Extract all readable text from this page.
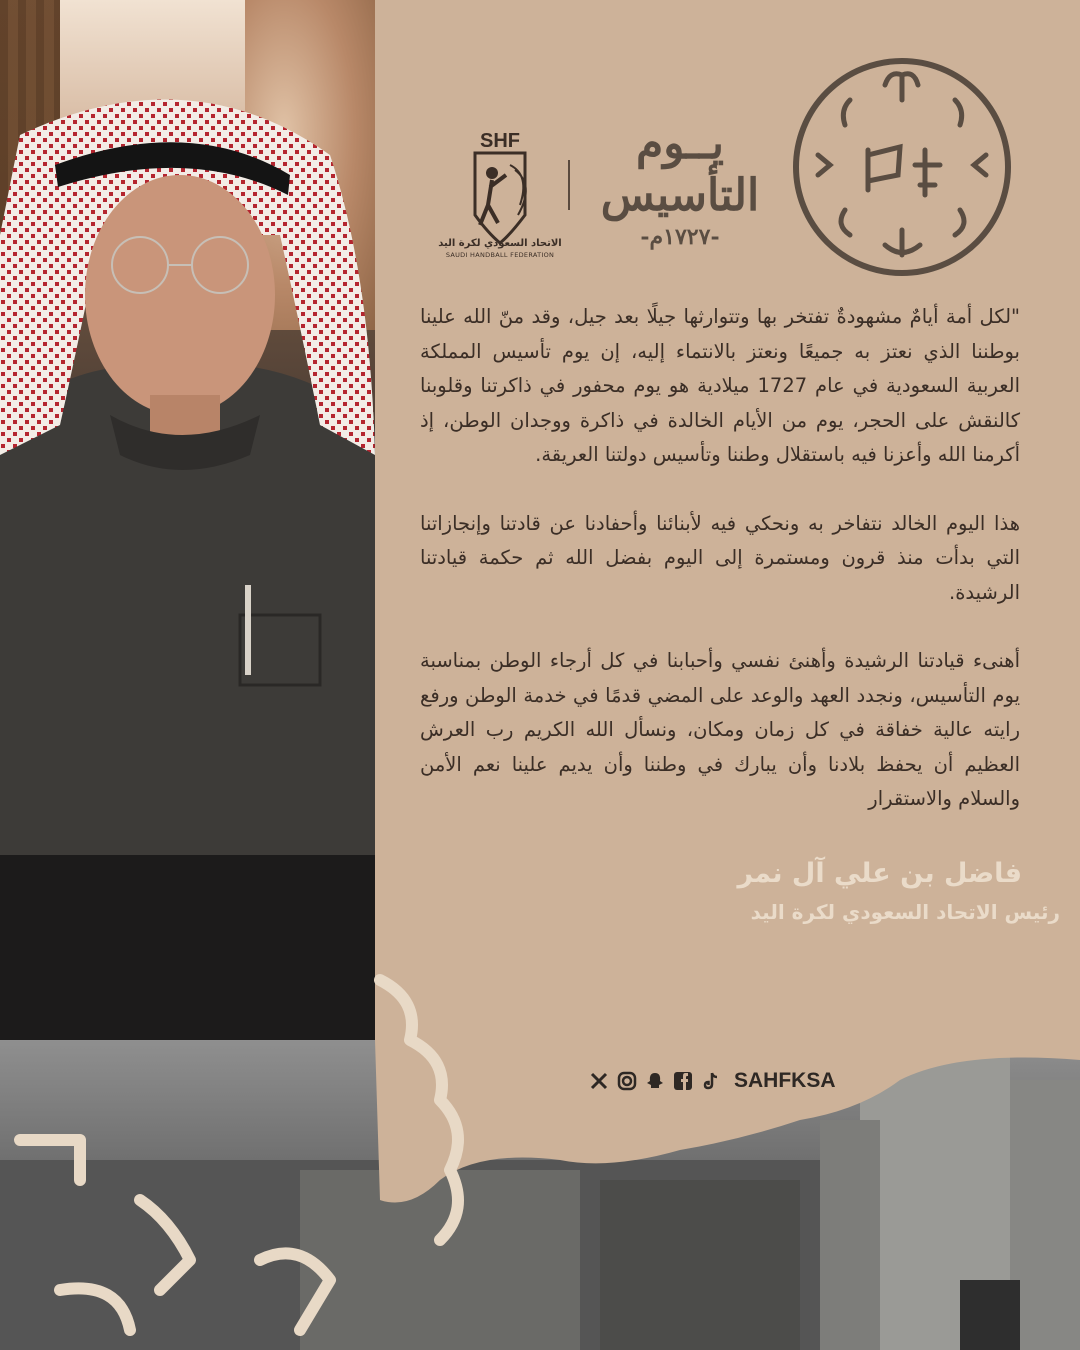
فاضل بن علي آل نمر
رئيس الاتحاد السعودي لكرة اليد
SHF
الاتحاد السعودي لكرة اليد
SAUDI HANDBALL FEDERATION
يــوم
التأسيس
-١٧٢٧م-

"لكل أمة أيامٌ مشهودةٌ تفتخر بها وتتوارثها جيلًا بعد جيل، وقد منّ الله علينا بوطننا الذي نعتز به جميعًا ونعتز بالانتماء إليه، إن يوم تأسيس المملكة العربية السعودية في عام 1727 ميلادية هو يوم محفور في ذاكرتنا وقلوبنا كالنقش على الحجر، يوم من الأيام الخالدة في ذاكرة ووجدان الوطن، إذ أكرمنا الله وأعزنا فيه باستقلال وطننا وتأسيس دولتنا العريقة.

هذا اليوم الخالد نتفاخر به ونحكي فيه لأبنائنا وأحفادنا عن قادتنا وإنجازاتنا التي بدأت منذ قرون ومستمرة إلى اليوم بفضل الله ثم حكمة قيادتنا الرشيدة.

أهنىء قيادتنا الرشيدة وأهنئ نفسي وأحبابنا في كل أرجاء الوطن بمناسبة يوم التأسيس، ونجدد العهد والوعد على المضي قدمًا في خدمة الوطن ورفع رايته عالية خفاقة في كل زمان ومكان، ونسأل الله الكريم رب العرش العظيم أن يحفظ بلادنا وأن يبارك في وطننا وأن يديم علينا نعم الأمن والسلام والاستقرار

SAHFKSA
